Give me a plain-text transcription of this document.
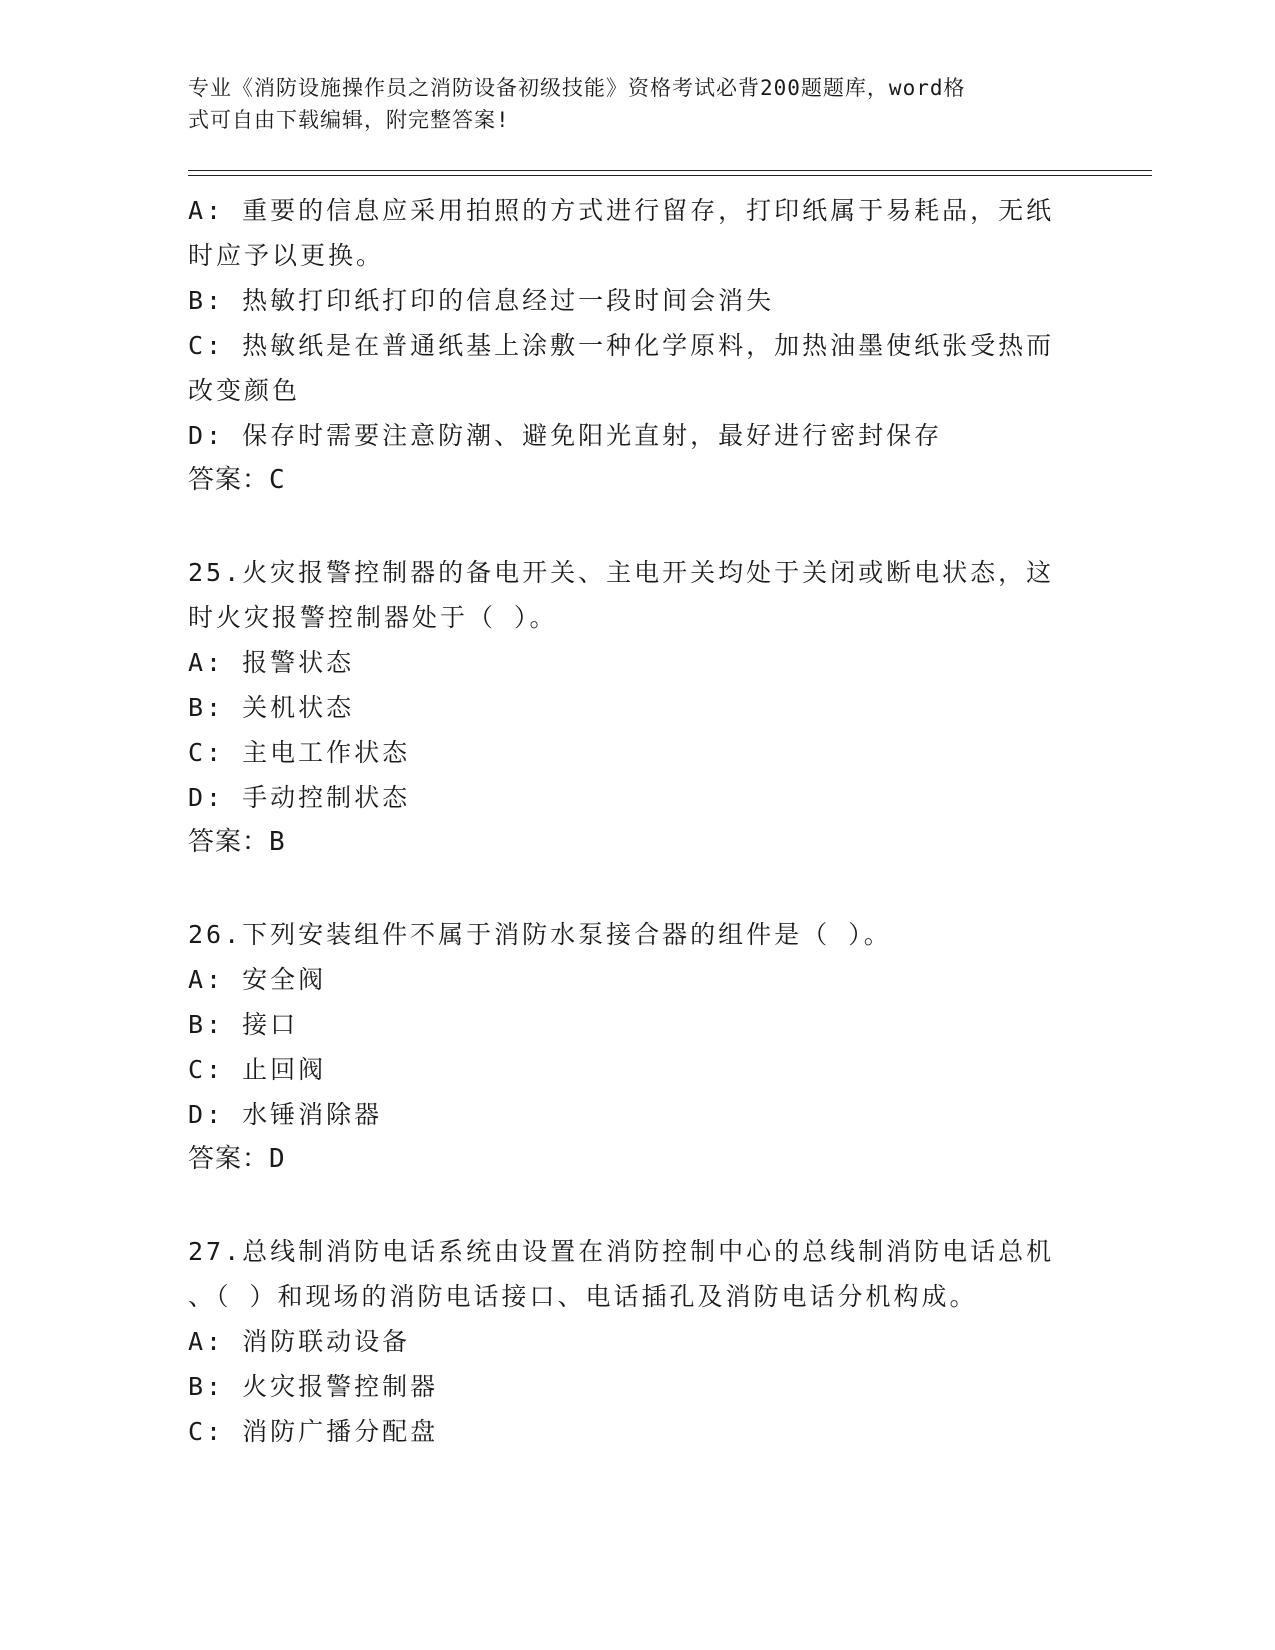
专业《消防设施操作员之消防设备初级技能》资格考试必背200题题库，word格
式可自由下载编辑，附完整答案!
A: 重要的信息应采用拍照的方式进行留存，打印纸属于易耗品，无纸
时应予以更换。
B: 热敏打印纸打印的信息经过一段时间会消失
C: 热敏纸是在普通纸基上涂敷一种化学原料，加热油墨使纸张受热而
改变颜色
D: 保存时需要注意防潮、避免阳光直射，最好进行密封保存
答案：C
25.火灾报警控制器的备电开关、主电开关均处于关闭或断电状态，这
时火灾报警控制器处于（ ）。
A: 报警状态
B: 关机状态
C: 主电工作状态
D: 手动控制状态
答案：B
26.下列安装组件不属于消防水泵接合器的组件是（ ）。
A: 安全阀
B: 接口
C: 止回阀
D: 水锤消除器
答案：D
27.总线制消防电话系统由设置在消防控制中心的总线制消防电话总机
、（ ）和现场的消防电话接口、电话插孔及消防电话分机构成。
A: 消防联动设备
B: 火灾报警控制器
C: 消防广播分配盘
